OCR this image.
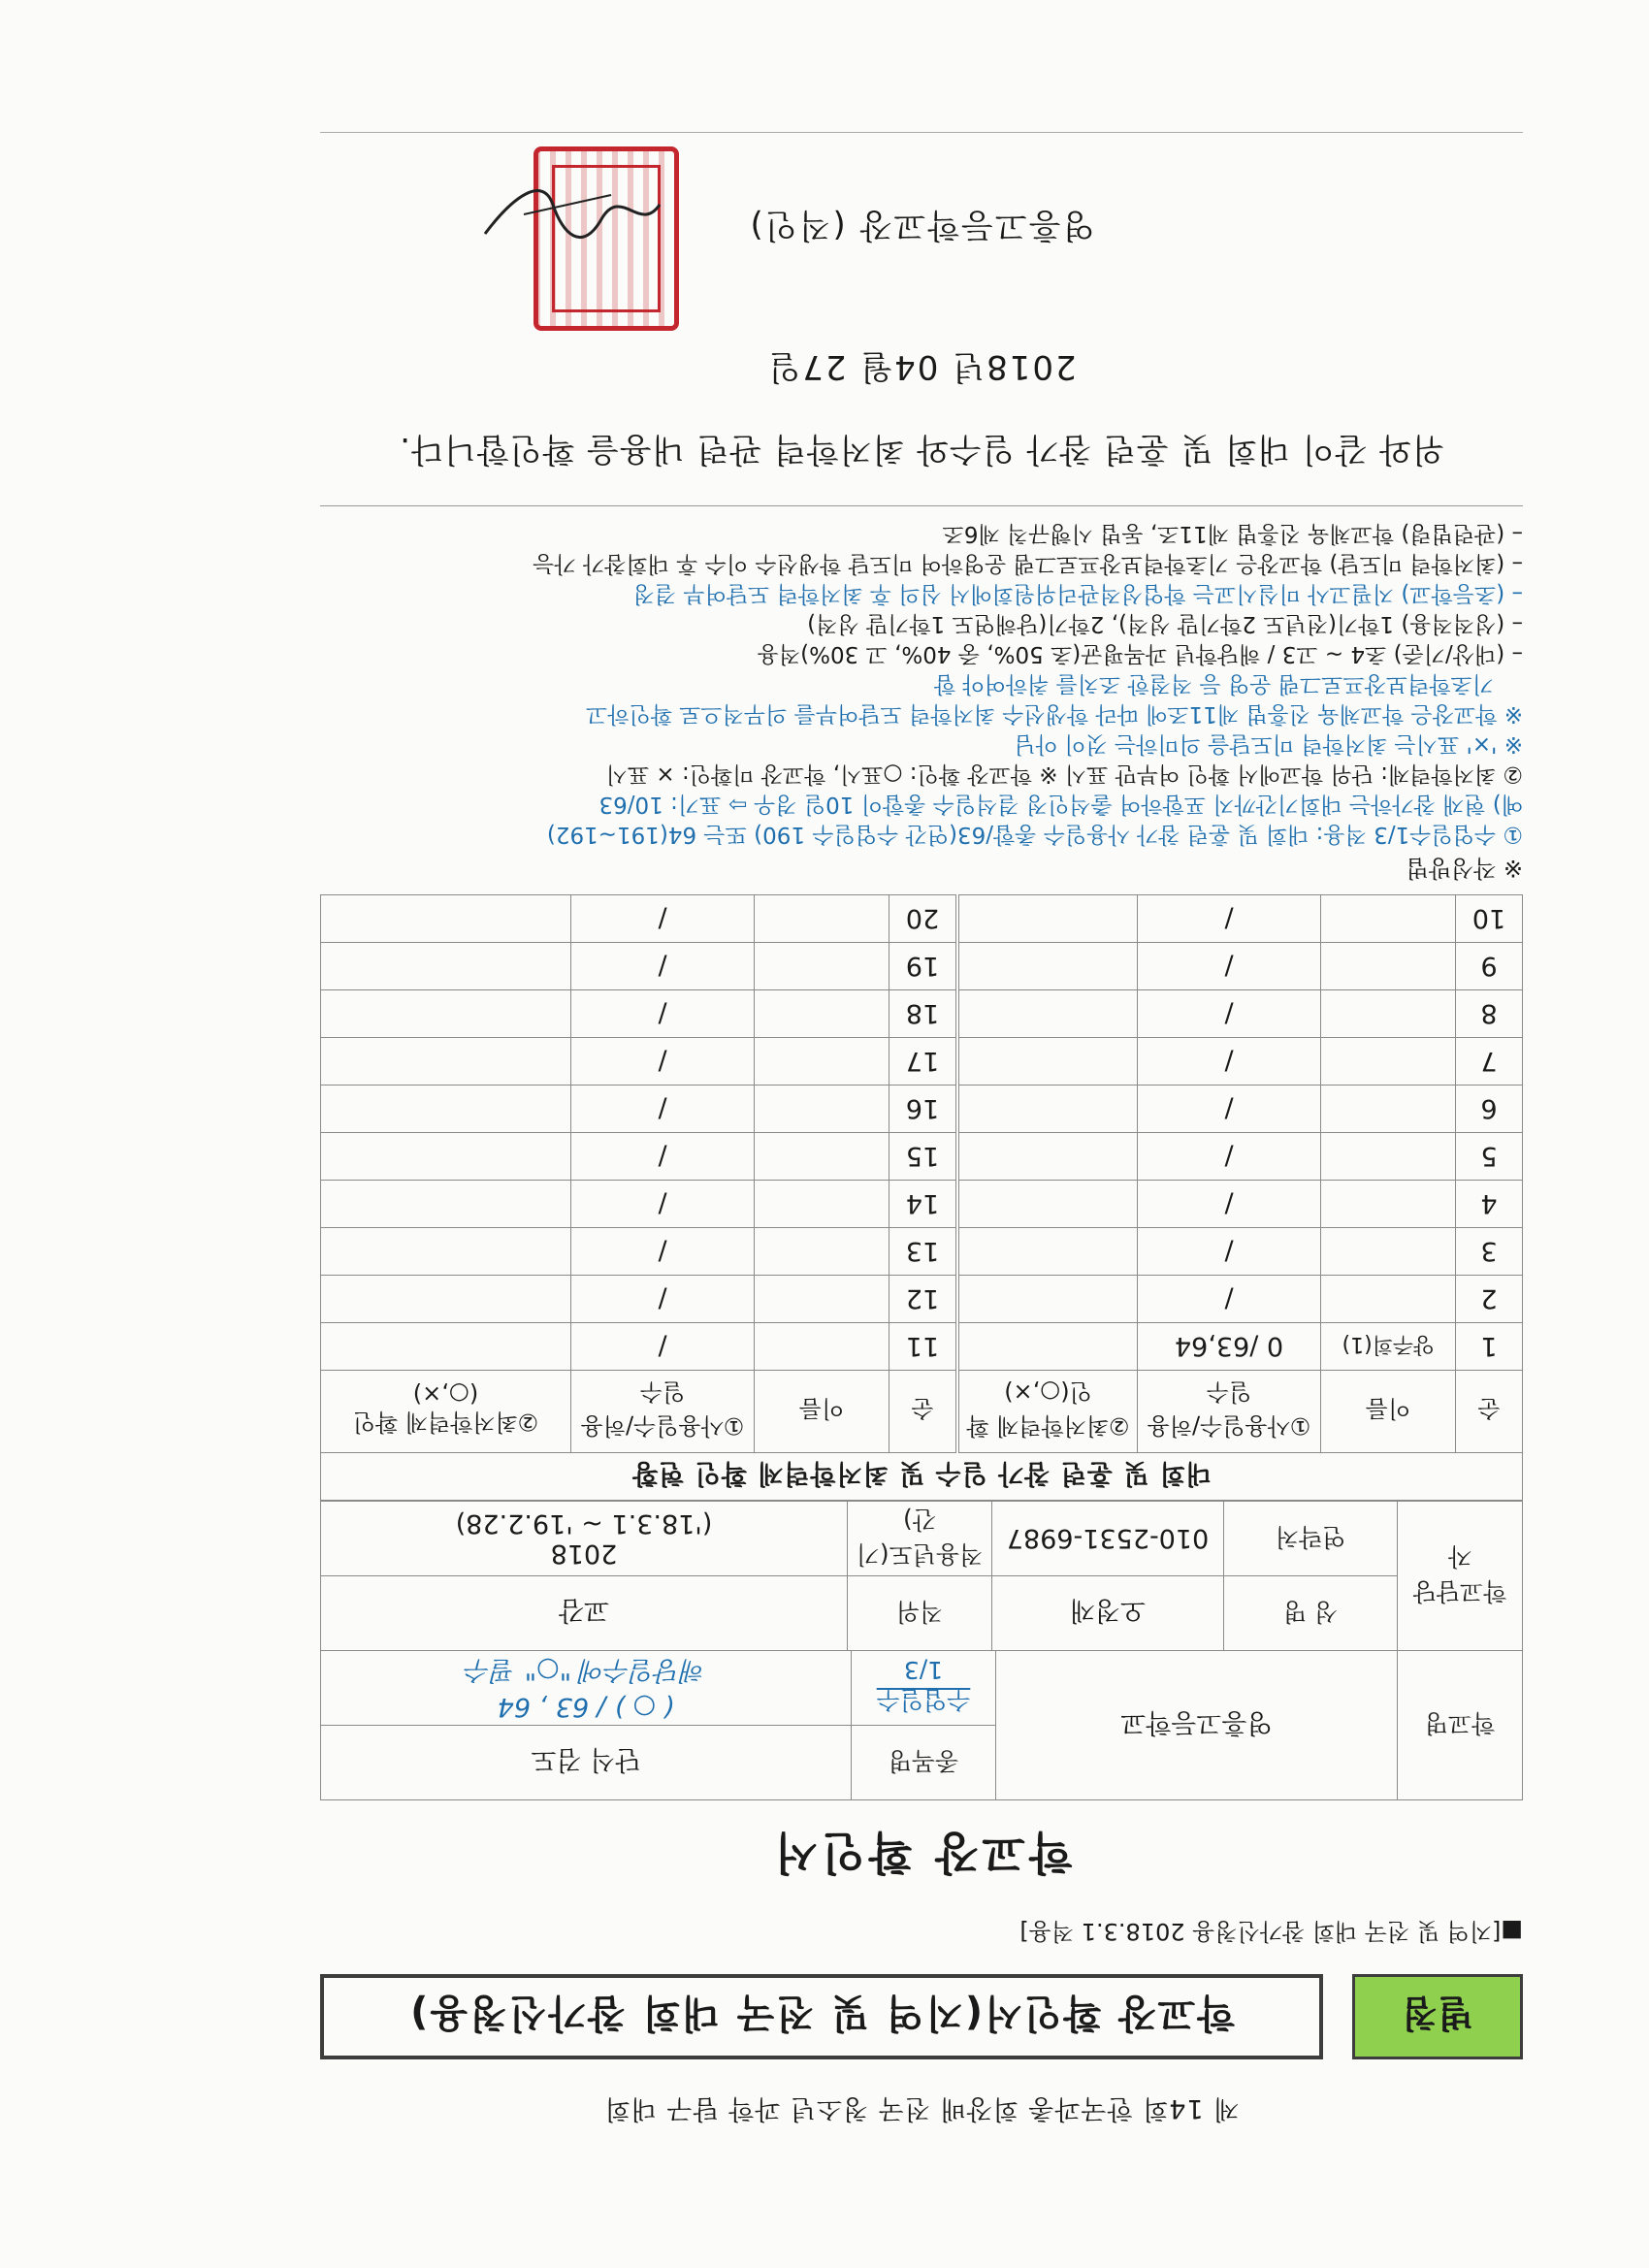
제 14회 한국과총 회장배 전국 청소년 과학 탐구 대회
별첨
학교장 확인서(지역 및 전국 대회 참가신청용)
■[지역 및 전국 대회 참가신청용 2018.3.1 적용]
학교장 확인서
학교명	영흥고등학교	종목명	단식 검도

수업일수
1/3

( ○ ) / 63 , 64
해당일수에 "○" 필수

학교담당자	
성 명	오정재	직위	교감

연락처	010-2531-6987	적용년도(기간)	
2018
('18.3.1 ~ '19.2.28)
대회 및 훈련 참가 일수 및 최저학력제 확인 현황							
순	이름	①사용일수/허용일수	②최저학력제 확인(○,×)	순	이름	①사용일수/허용일수	②최저학력제 확인(○,×)
1	양주희(1)	0 /63,64		11		/	
2		/		12		/	
3		/		13		/	
4		/		14		/	
5		/		15		/	
6		/		16		/	
7		/		17		/	
8		/		18		/	
9		/		19		/	
10		/		20		/	
※ 작성방법
① 수업일수1/3 적용: 대회 및 훈련 참가 사용일수 총합/63(연간 수업일수 190) 또는 64(191~192)
예) 현재 참가하는 대회기간까지 포함하여 출석인정 결석일수 총합이 10일 경우 ⇨ 표기: 10/63
② 최저학력제: 단위 학교에서 확인 여부만 표시 ※ 학교장 확인: ○표시, 학교장 미확인: × 표시
※ '×' 표시는 최저학력 미도달을 의미하는 것이 아님
※ 학교장은 학교체육 진흥법 제11조에 따라 학생선수 최저학력 도달여부를 의무적으로 확인하고
기초학력보장프로그램 운영 등 적절한 조치를 취하여야 함
– (대상/기준) 초4 ~ 고3 / 해당학년 과목평균(초 50%, 중 40%, 고 30%)적용
– (성적적용) 1학기(전년도 2학기말 성적), 2학기(당해연도 1학기말 성적)
– (초등학교) 지필고사 미실시교는 학업성적관리위원회에서 심의 후 최저학력 도달여부 결정
– (최저학력 미도달) 학교장은 기초학력보장프로그램 운영하여 미도달 학생선수 이수 후 대회참가 가능
– (관련법령) 학교체육 진흥법 제11조, 동법 시행규칙 제6조
위와 같이 대회 및 훈련 참가 일수와 최저학력 관련 내용을 확인합니다.
2018년 04월 27일
영흥고등학교장 (직인)
